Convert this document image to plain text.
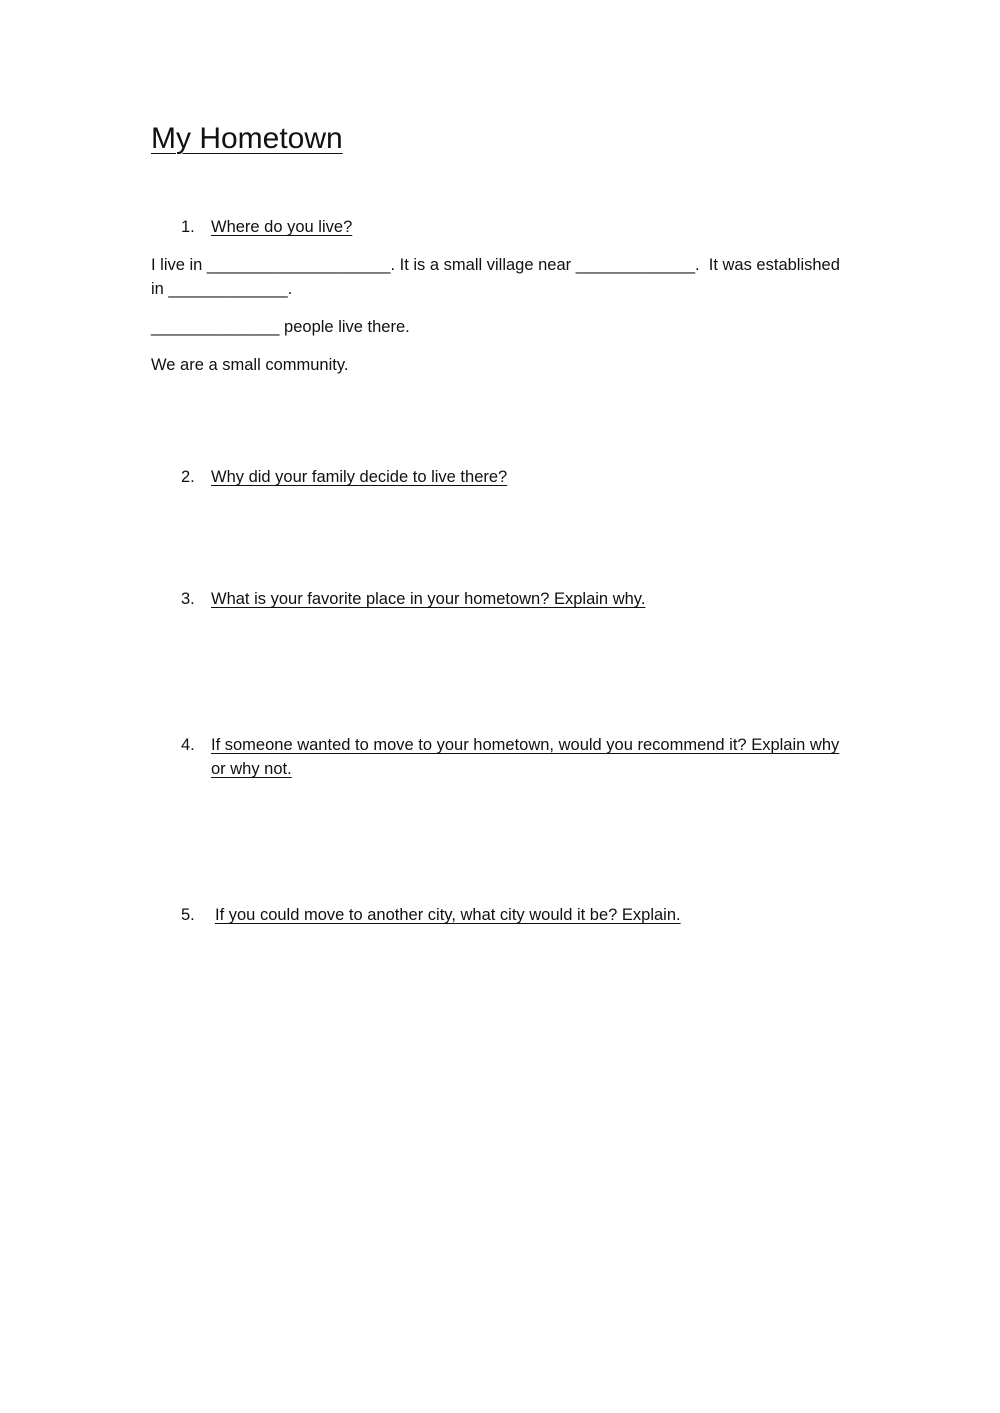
My Hometown
1. Where do you live?
I live in ____________________. It is a small village near _____________.  It was established
in _____________.
______________ people live there.
We are a small community.
2. Why did your family decide to live there?
3. What is your favorite place in your hometown? Explain why.
4. If someone wanted to move to your hometown, would you recommend it? Explain why or why not.
5. If you could move to another city, what city would it be? Explain.
